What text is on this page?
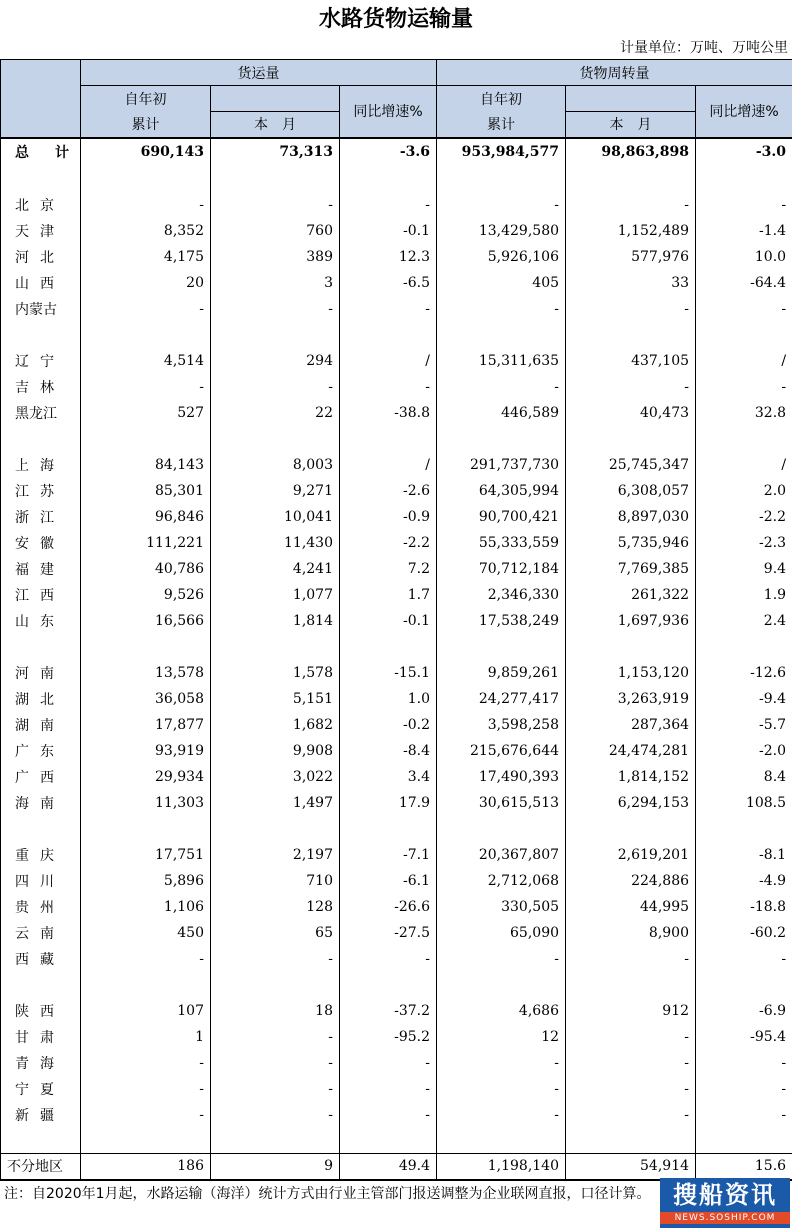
水路货物运输量
计量单位：万吨、万吨公里
	货运量			货物周转量		
	自年初		同比增速%	自年初		同比增速%
	累计	本　月		累计	本　月	
总计	690,143	73,313	-3.6	953,984,577	98,863,898	-3.0

北京	-	-	-	-	-	-
天津	8,352	760	-0.1	13,429,580	1,152,489	-1.4
河北	4,175	389	12.3	5,926,106	577,976	10.0
山西	20	3	-6.5	405	33	-64.4
内蒙古	-	-	-	-	-	-

辽宁	4,514	294	/	15,311,635	437,105	/
吉林	-	-	-	-	-	-
黑龙江	527	22	-38.8	446,589	40,473	32.8

上海	84,143	8,003	/	291,737,730	25,745,347	/
江苏	85,301	9,271	-2.6	64,305,994	6,308,057	2.0
浙江	96,846	10,041	-0.9	90,700,421	8,897,030	-2.2
安徽	111,221	11,430	-2.2	55,333,559	5,735,946	-2.3
福建	40,786	4,241	7.2	70,712,184	7,769,385	9.4
江西	9,526	1,077	1.7	2,346,330	261,322	1.9
山东	16,566	1,814	-0.1	17,538,249	1,697,936	2.4

河南	13,578	1,578	-15.1	9,859,261	1,153,120	-12.6
湖北	36,058	5,151	1.0	24,277,417	3,263,919	-9.4
湖南	17,877	1,682	-0.2	3,598,258	287,364	-5.7
广东	93,919	9,908	-8.4	215,676,644	24,474,281	-2.0
广西	29,934	3,022	3.4	17,490,393	1,814,152	8.4
海南	11,303	1,497	17.9	30,615,513	6,294,153	108.5

重庆	17,751	2,197	-7.1	20,367,807	2,619,201	-8.1
四川	5,896	710	-6.1	2,712,068	224,886	-4.9
贵州	1,106	128	-26.6	330,505	44,995	-18.8
云南	450	65	-27.5	65,090	8,900	-60.2
西藏	-	-	-	-	-	-

陕西	107	18	-37.2	4,686	912	-6.9
甘肃	1	-	-95.2	12	-	-95.4
青海	-	-	-	-	-	-
宁夏	-	-	-	-	-	-
新疆	-	-	-	-	-	-

不分地区	186	9	49.4	1,198,140	54,914	15.6
注：自2020年1月起，水路运输（海洋）统计方式由行业主管部门报送调整为企业联网直报，口径计算。 搜船资讯
NEWS.SOSHIP.COM
